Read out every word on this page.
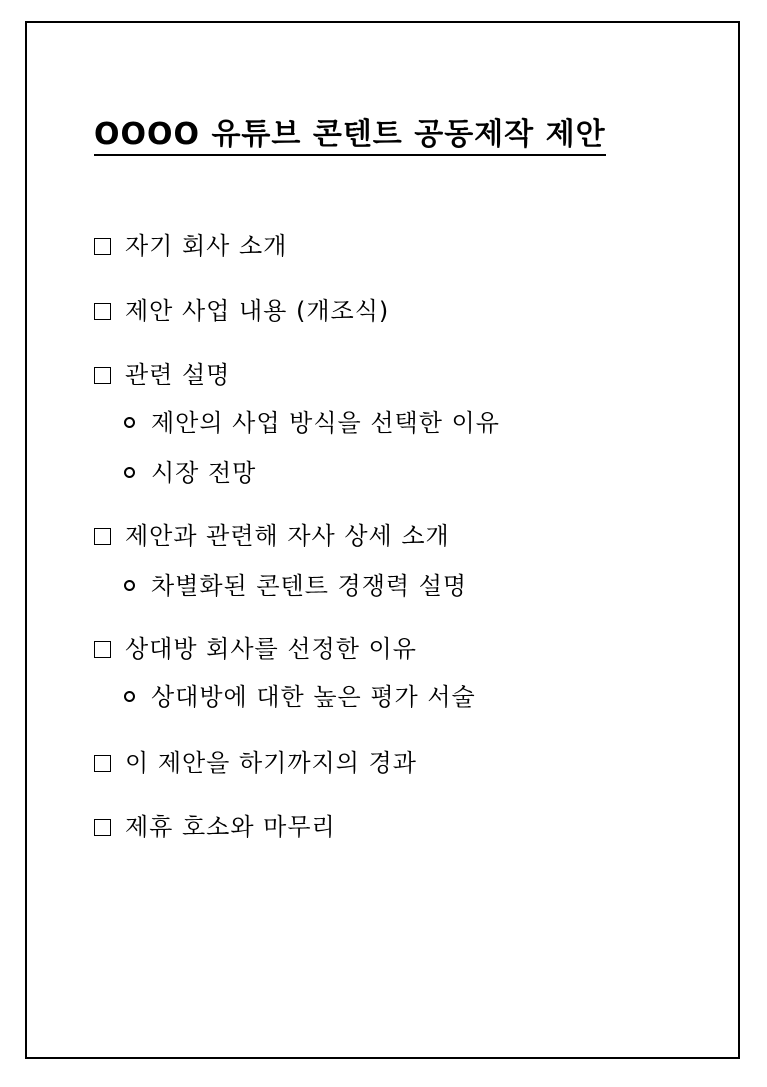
OOOO 유튜브 콘텐트 공동제작 제안
자기 회사 소개
제안 사업 내용 (개조식)
관련 설명
제안의 사업 방식을 선택한 이유
시장 전망
제안과 관련해 자사 상세 소개
차별화된 콘텐트 경쟁력 설명
상대방 회사를 선정한 이유
상대방에 대한 높은 평가 서술
이 제안을 하기까지의 경과
제휴 호소와 마무리
